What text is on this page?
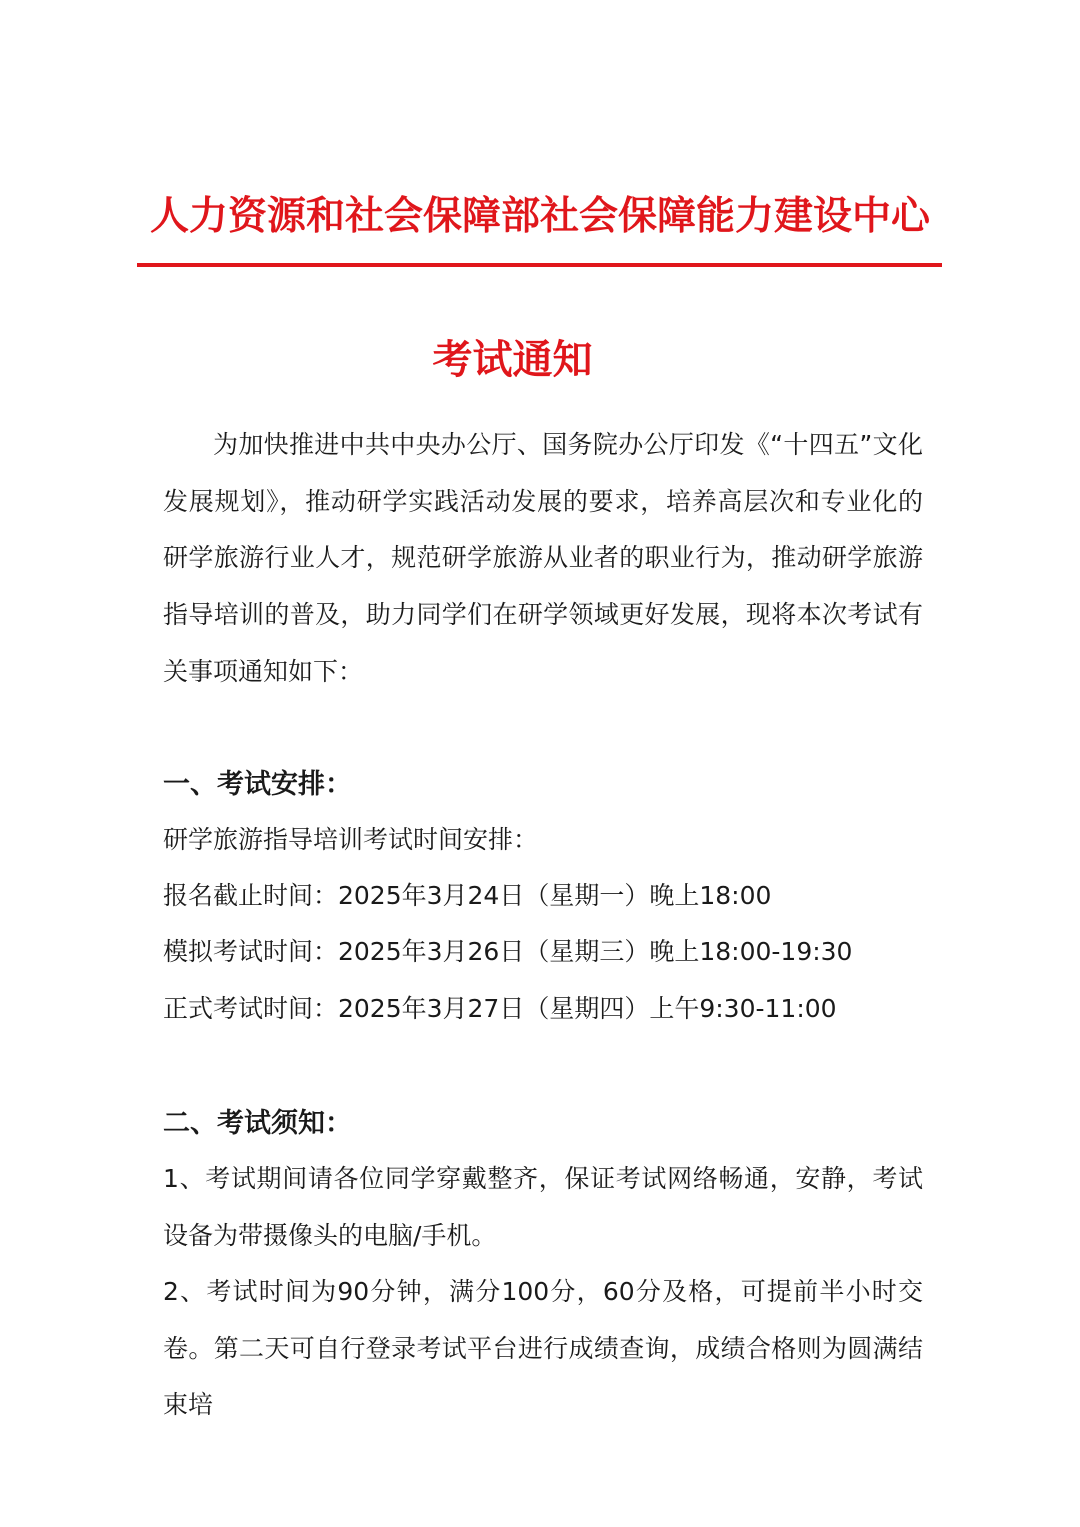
人力资源和社会保障部社会保障能力建设中心
考试通知

为加快推进中共中央办公厅、国务院办公厅印发《“十四五”文化发展规划》，推动研学实践活动发展的要求，培养高层次和专业化的研学旅游行业人才，规范研学旅游从业者的职业行为，推动研学旅游指导培训的普及，助力同学们在研学领域更好发展，现将本次考试有关事项通知如下：

一、考试安排：

研学旅游指导培训考试时间安排：

报名截止时间：2025年3月24日（星期一）晚上18:00

模拟考试时间：2025年3月26日（星期三）晚上18:00-19:30

正式考试时间：2025年3月27日（星期四）上午9:30-11:00

二、考试须知：

1、考试期间请各位同学穿戴整齐，保证考试网络畅通，安静，考试设备为带摄像头的电脑/手机。

2、考试时间为90分钟，满分100分，60分及格，可提前半小时交卷。第二天可自行登录考试平台进行成绩查询，成绩合格则为圆满结束培
